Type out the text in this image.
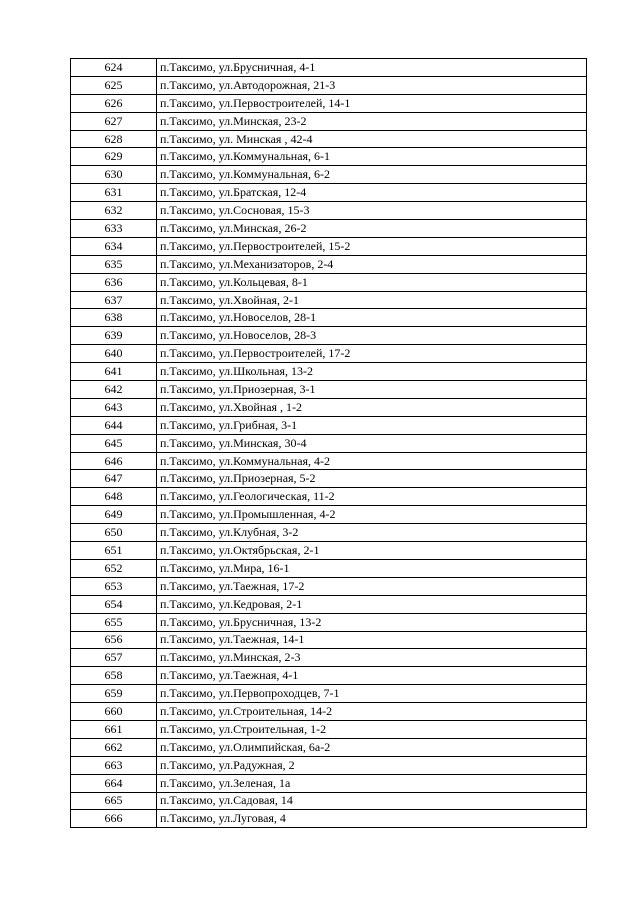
624	п.Таксимо, ул.Брусничная, 4-1
625	п.Таксимо, ул.Автодорожная, 21-3
626	п.Таксимо, ул.Первостроителей, 14-1
627	п.Таксимо, ул.Минская, 23-2
628	п.Таксимо, ул. Минская , 42-4
629	п.Таксимо, ул.Коммунальная, 6-1
630	п.Таксимо, ул.Коммунальная, 6-2
631	п.Таксимо, ул.Братская, 12-4
632	п.Таксимо, ул.Сосновая, 15-3
633	п.Таксимо, ул.Минская, 26-2
634	п.Таксимо, ул.Первостроителей, 15-2
635	п.Таксимо, ул.Механизаторов, 2-4
636	п.Таксимо, ул.Кольцевая, 8-1
637	п.Таксимо, ул.Хвойная, 2-1
638	п.Таксимо, ул.Новоселов, 28-1
639	п.Таксимо, ул.Новоселов, 28-3
640	п.Таксимо, ул.Первостроителей, 17-2
641	п.Таксимо, ул.Школьная, 13-2
642	п.Таксимо, ул.Приозерная, 3-1
643	п.Таксимо, ул.Хвойная , 1-2
644	п.Таксимо, ул.Грибная, 3-1
645	п.Таксимо, ул.Минская, 30-4
646	п.Таксимо, ул.Коммунальная, 4-2
647	п.Таксимо, ул.Приозерная, 5-2
648	п.Таксимо, ул.Геологическая, 11-2
649	п.Таксимо, ул.Промышленная, 4-2
650	п.Таксимо, ул.Клубная, 3-2
651	п.Таксимо, ул.Октябрьская, 2-1
652	п.Таксимо, ул.Мира, 16-1
653	п.Таксимо, ул.Таежная, 17-2
654	п.Таксимо, ул.Кедровая, 2-1
655	п.Таксимо, ул.Брусничная, 13-2
656	п.Таксимо, ул.Таежная, 14-1
657	п.Таксимо, ул.Минская, 2-3
658	п.Таксимо, ул.Таежная, 4-1
659	п.Таксимо, ул.Первопроходцев, 7-1
660	п.Таксимо, ул.Строительная, 14-2
661	п.Таксимо, ул.Строительная, 1-2
662	п.Таксимо, ул.Олимпийская, 6а-2
663	п.Таксимо, ул.Радужная, 2
664	п.Таксимо, ул.Зеленая, 1а
665	п.Таксимо, ул.Садовая, 14
666	п.Таксимо, ул.Луговая, 4
